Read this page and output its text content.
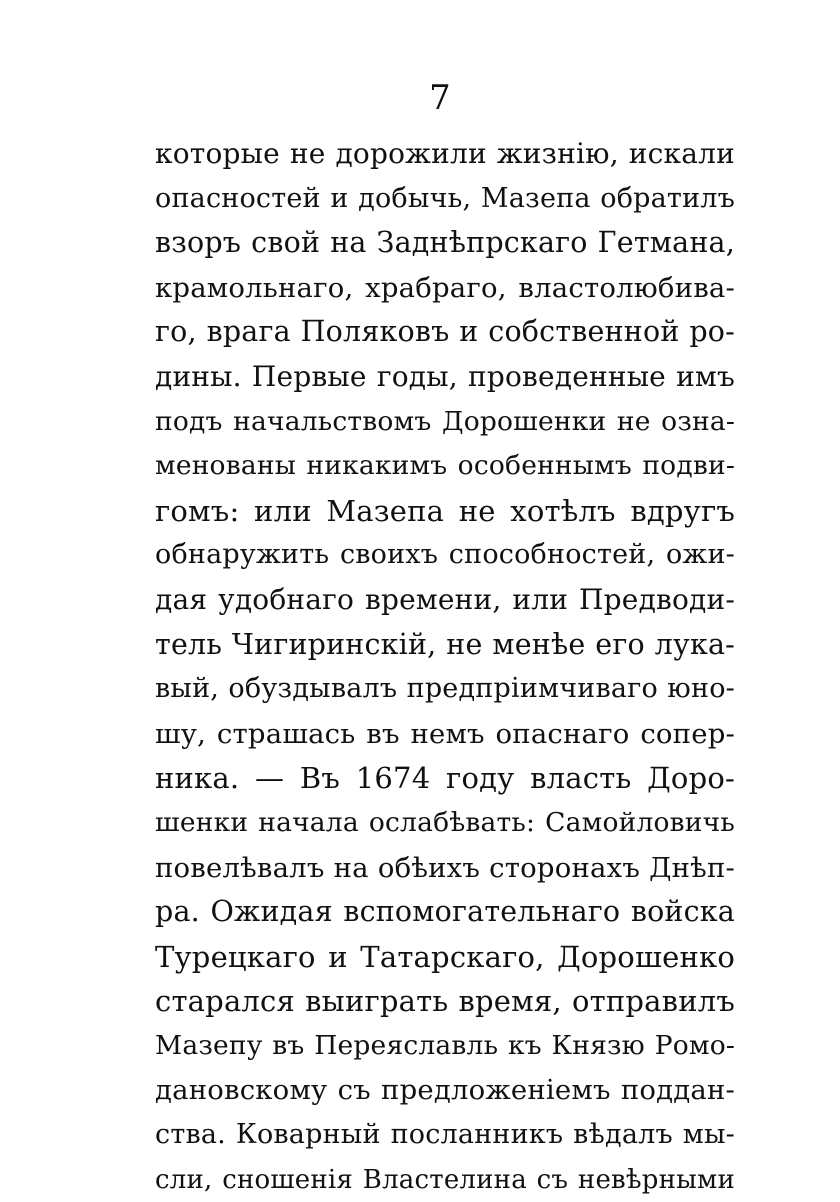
7
которые не дорожили жизнію, искали
опасностей и добычь, Мазепа обратилъ
взоръ свой на Заднѣпрскаго Гетмана,
крамольнаго, храбраго, властолюбива-
го, врага Поляковъ и собственной ро-
дины. Первые годы, проведенные имъ
подъ начальствомъ Дорошенки не озна-
менованы никакимъ особеннымъ подви-
гомъ: или Мазепа не хотѣлъ вдругъ
обнаружить своихъ способностей, ожи-
дая удобнаго времени, или Предводи-
тель Чигиринскій, не менѣе его лука-
вый, обуздывалъ предпріимчиваго юно-
шу, страшась въ немъ опаснаго сопер-
ника. — Въ 1674 году власть Доро-
шенки начала ослабѣвать: Самойловичь
повелѣвалъ на обѣихъ сторонахъ Днѣп-
ра. Ожидая вспомогательнаго войска
Турецкаго и Татарскаго, Дорошенко
старался выиграть время, отправилъ
Мазепу въ Переяславль къ Князю Ромо-
дановскому съ предложеніемъ поддан-
ства. Коварный посланникъ вѣдалъ мы-
сли, сношенія Властелина съ невѣрными
